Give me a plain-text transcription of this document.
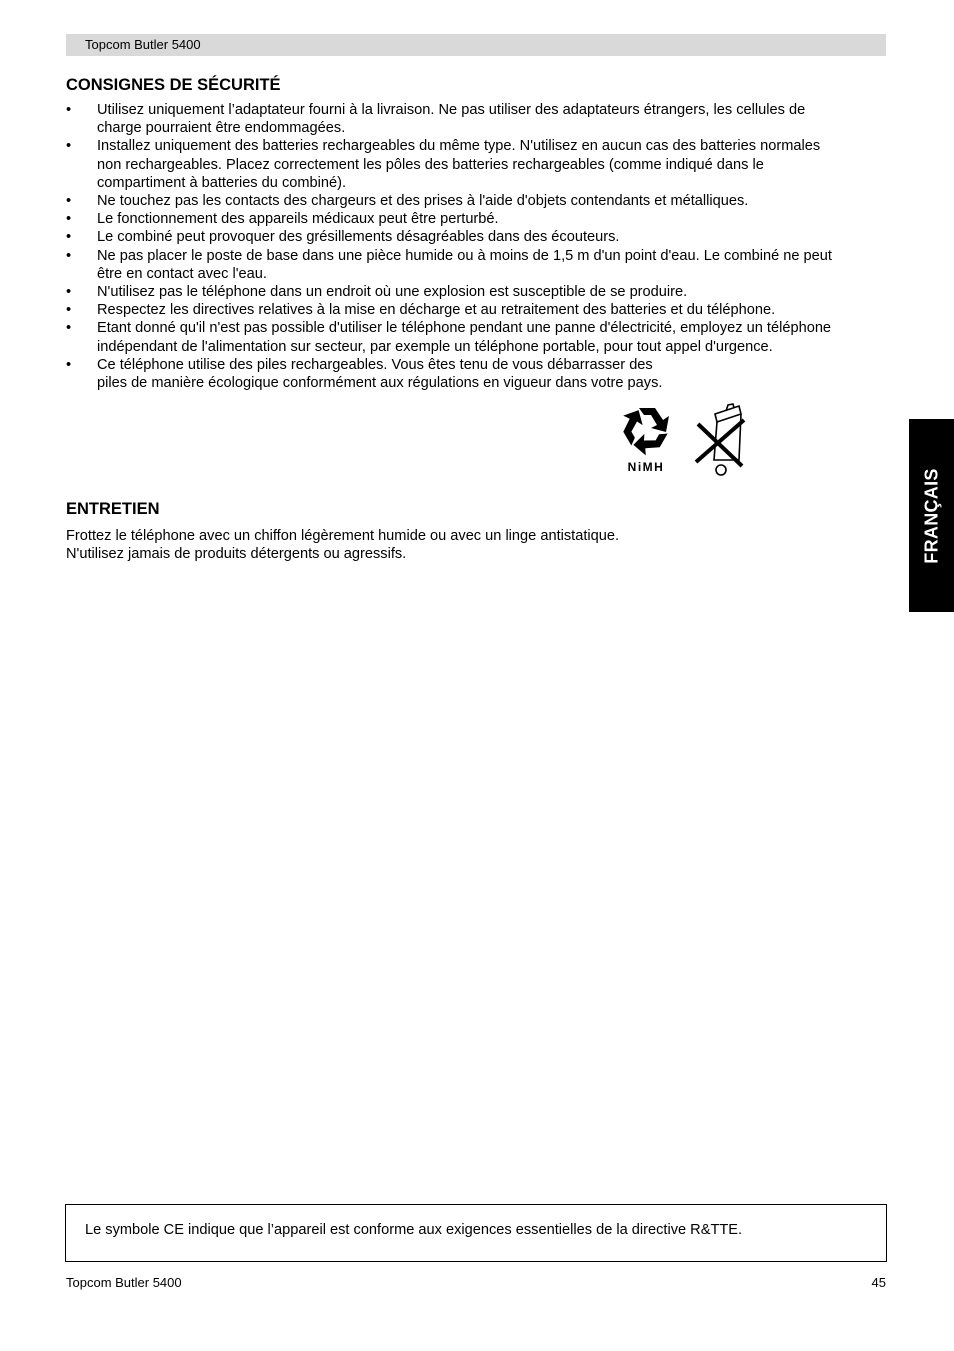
Topcom Butler 5400
CONSIGNES DE SÉCURITÉ
• Utilisez uniquement l’adaptateur fourni à la livraison. Ne pas utiliser des adaptateurs étrangers, les cellules de
charge pourraient être endommagées.
• Installez uniquement des batteries rechargeables du même type. N'utilisez en aucun cas des batteries normales
non rechargeables. Placez correctement les pôles des batteries rechargeables (comme indiqué dans le
compartiment à batteries du combiné).
• Ne touchez pas les contacts des chargeurs et des prises à l'aide d'objets contendants et métalliques.
• Le fonctionnement des appareils médicaux peut être perturbé.
• Le combiné peut provoquer des grésillements désagréables dans des écouteurs.
• Ne pas placer le poste de base dans une pièce humide ou à moins de 1,5 m d'un point d'eau. Le combiné ne peut
être en contact avec l'eau.
• N'utilisez pas le téléphone dans un endroit où une explosion est susceptible de se produire.
• Respectez les directives relatives à la mise en décharge et au retraitement des batteries et du téléphone.
• Etant donné qu'il n'est pas possible d'utiliser le téléphone pendant une panne d'électricité, employez un téléphone
indépendant de l'alimentation sur secteur, par exemple un téléphone portable, pour tout appel d'urgence.
• Ce téléphone utilise des piles rechargeables. Vous êtes tenu de vous débarrasser des
piles de manière écologique conformément aux régulations en vigueur dans votre pays.
NiMH
ENTRETIEN
Frottez le téléphone avec un chiffon légèrement humide ou avec un linge antistatique.
N'utilisez jamais de produits détergents ou agressifs.	FRANÇAIS
Le symbole CE indique que l’appareil est conforme aux exigences essentielles de la directive R&TTE.
Topcom Butler 5400	45
